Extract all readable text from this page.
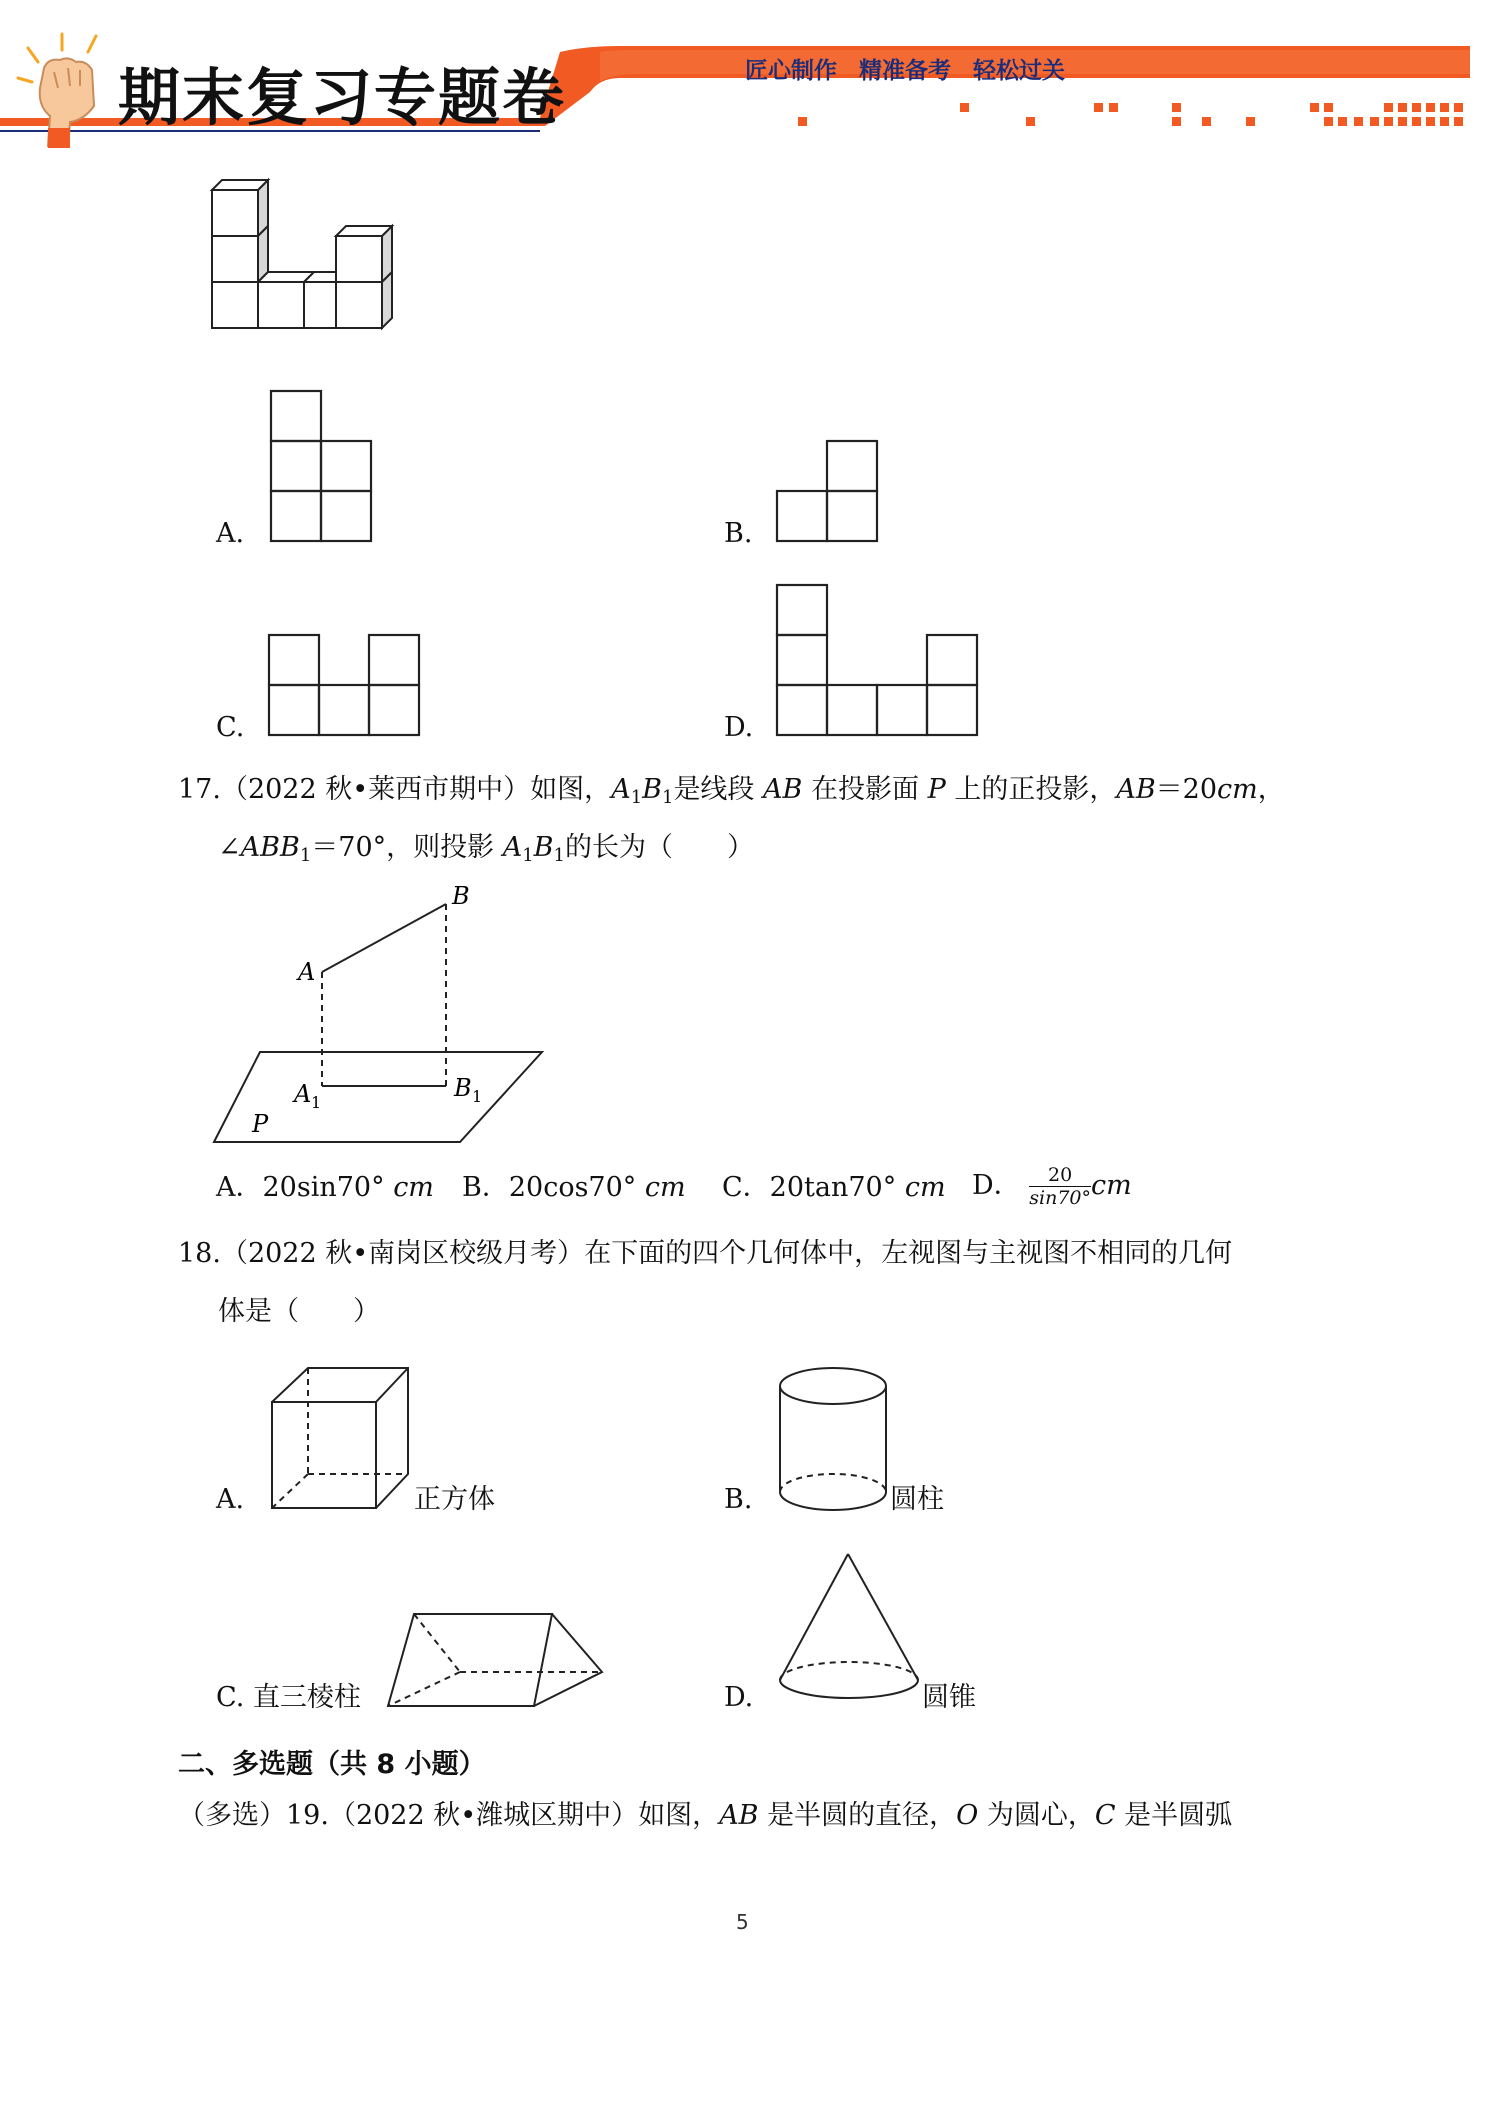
期末复习专题卷	匠心制作 精准备考 轻松过关
A.	B.
C.	D.
17.（2022 秋•莱西市期中）如图，$A_1B_1$是线段 AB 在投影面 P 上的正投影，AB＝20cm，
$\angle ABB_1=70^\circ$，则投影 $A_1B_1$的长为（　　）
B
A
A 1
B 1
P
A．20sin70° cm B．20cos70° cm C．20tan70° cm D． $\frac{20}{\sin 70^\circ}$ cm
18.（2022 秋•南岗区校级月考）在下面的四个几何体中，左视图与主视图不相同的几何
体是（　　）
A.	正方体	B.	圆柱
C. 直三棱柱	D.	圆锥
二、多选题（共 8 小题）
（多选）19.（2022 秋•潍城区期中）如图，AB 是半圆的直径，O 为圆心，C 是半圆弧
5
